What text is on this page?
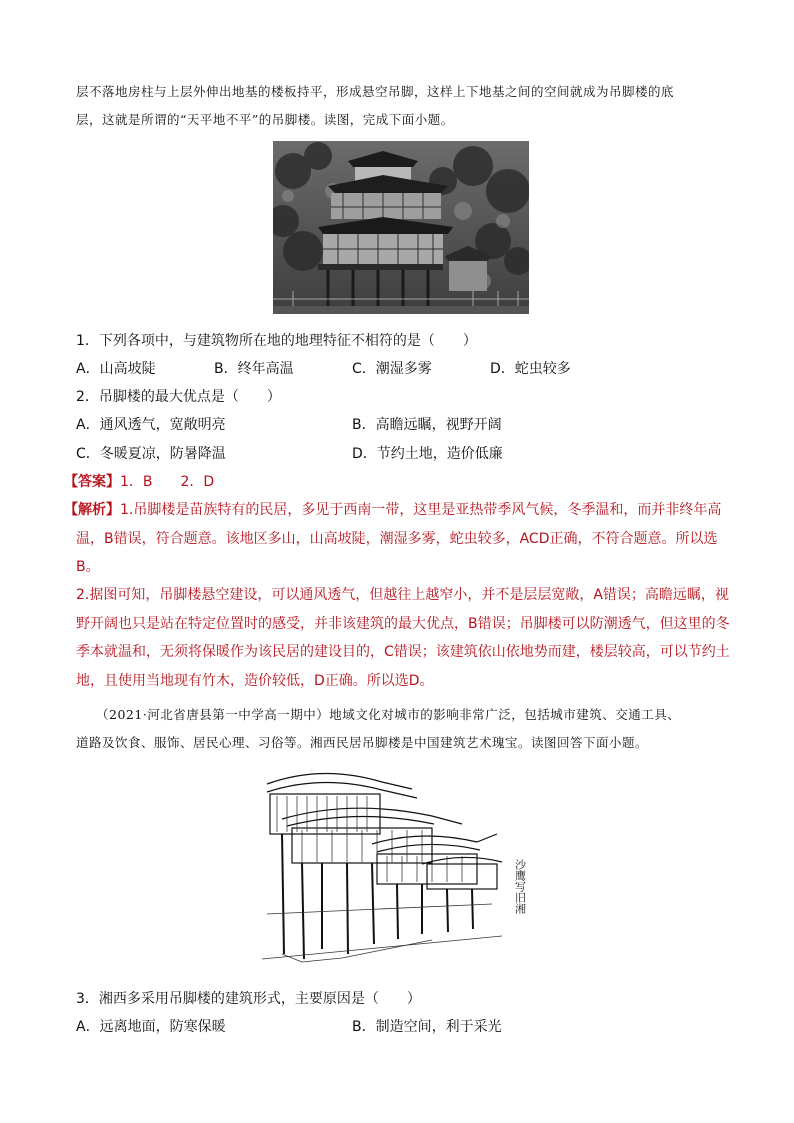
层不落地房柱与上层外伸出地基的楼板持平，形成悬空吊脚，这样上下地基之间的空间就成为吊脚楼的底
层，这就是所谓的“天平地不平”的吊脚楼。读图，完成下面小题。
1．下列各项中，与建筑物所在地的地理特征不相符的是（　　）
A．山高坡陡	B．终年高温	C．潮湿多雾	D．蛇虫较多
2．吊脚楼的最大优点是（　　）
A．通风透气，宽敞明亮	B．高瞻远瞩，视野开阔
C．冬暖夏凉，防暑降温	D．节约土地，造价低廉
【答案】1．B　　2．D
【解析】1.吊脚楼是苗族特有的民居，多见于西南一带，这里是亚热带季风气候，冬季温和，而并非终年高
温，B错误，符合题意。该地区多山，山高坡陡，潮湿多雾，蛇虫较多，ACD正确，不符合题意。所以选
B。
2.据图可知，吊脚楼悬空建设，可以通风透气，但越往上越窄小，并不是层层宽敞，A错误；高瞻远瞩，视
野开阔也只是站在特定位置时的感受，并非该建筑的最大优点，B错误；吊脚楼可以防潮透气，但这里的冬
季本就温和，无须将保暖作为该民居的建设目的，C错误；该建筑依山依地势而建，楼层较高，可以节约土
地，且使用当地现有竹木，造价较低，D正确。所以选D。
（2021·河北省唐县第一中学高一期中）地域文化对城市的影响非常广泛，包括城市建筑、交通工具、
道路及饮食、服饰、居民心理、习俗等。湘西民居吊脚楼是中国建筑艺术瑰宝。读图回答下面小题。
沙鹰写旧湘
3．湘西多采用吊脚楼的建筑形式，主要原因是（　　）
A．远离地面，防寒保暖	B．制造空间，利于采光
